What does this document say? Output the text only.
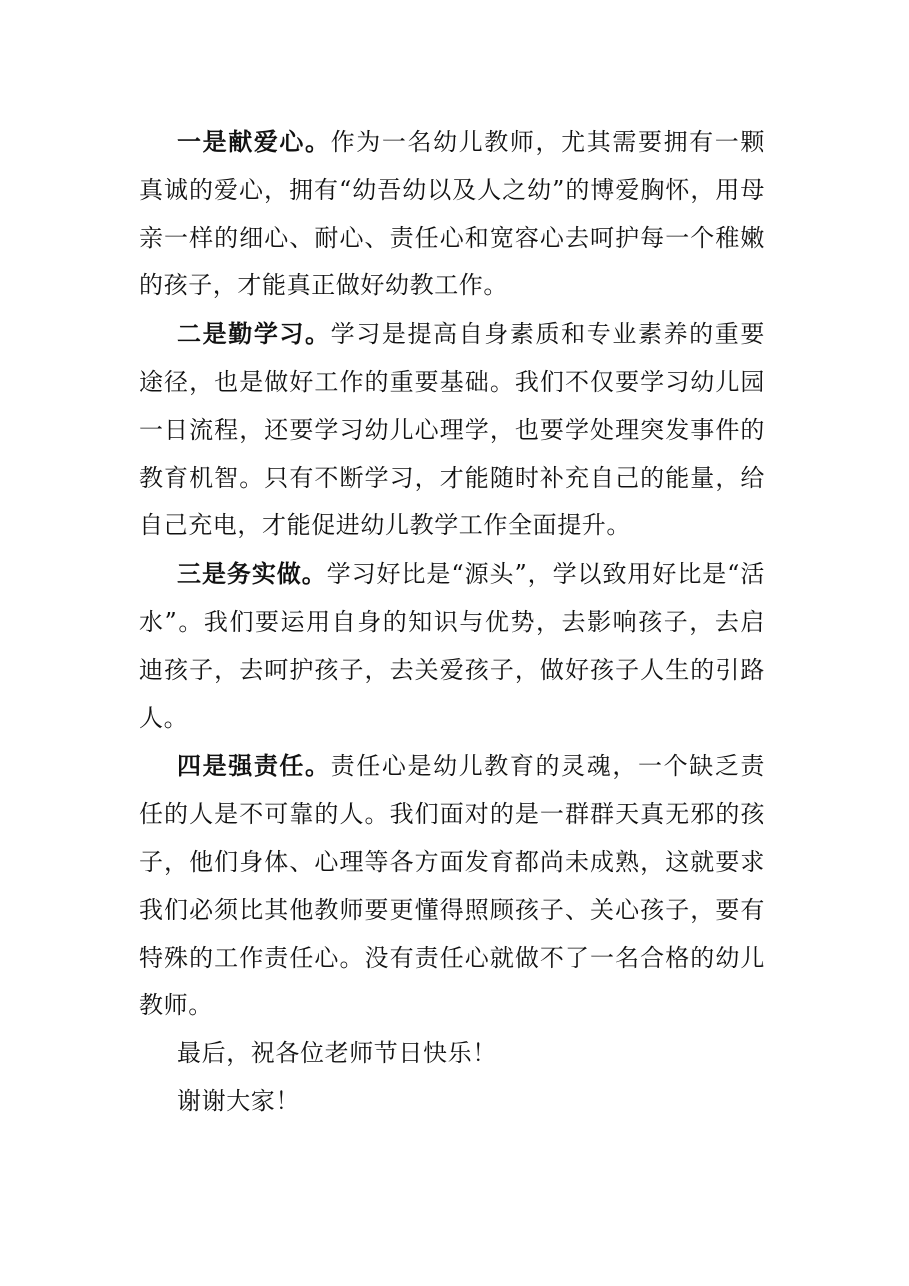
一是献爱心。作为一名幼儿教师，尤其需要拥有一颗真诚的爱心，拥有“幼吾幼以及人之幼”的博爱胸怀，用母亲一样的细心、耐心、责任心和宽容心去呵护每一个稚嫩的孩子，才能真正做好幼教工作。

二是勤学习。学习是提高自身素质和专业素养的重要途径，也是做好工作的重要基础。我们不仅要学习幼儿园一日流程，还要学习幼儿心理学，也要学处理突发事件的教育机智。只有不断学习，才能随时补充自己的能量，给自己充电，才能促进幼儿教学工作全面提升。

三是务实做。学习好比是“源头”，学以致用好比是“活水”。我们要运用自身的知识与优势，去影响孩子，去启迪孩子，去呵护孩子，去关爱孩子，做好孩子人生的引路人。

四是强责任。责任心是幼儿教育的灵魂，一个缺乏责任的人是不可靠的人。我们面对的是一群群天真无邪的孩子，他们身体、心理等各方面发育都尚未成熟，这就要求我们必须比其他教师要更懂得照顾孩子、关心孩子，要有特殊的工作责任心。没有责任心就做不了一名合格的幼儿教师。

最后，祝各位老师节日快乐！

谢谢大家！
